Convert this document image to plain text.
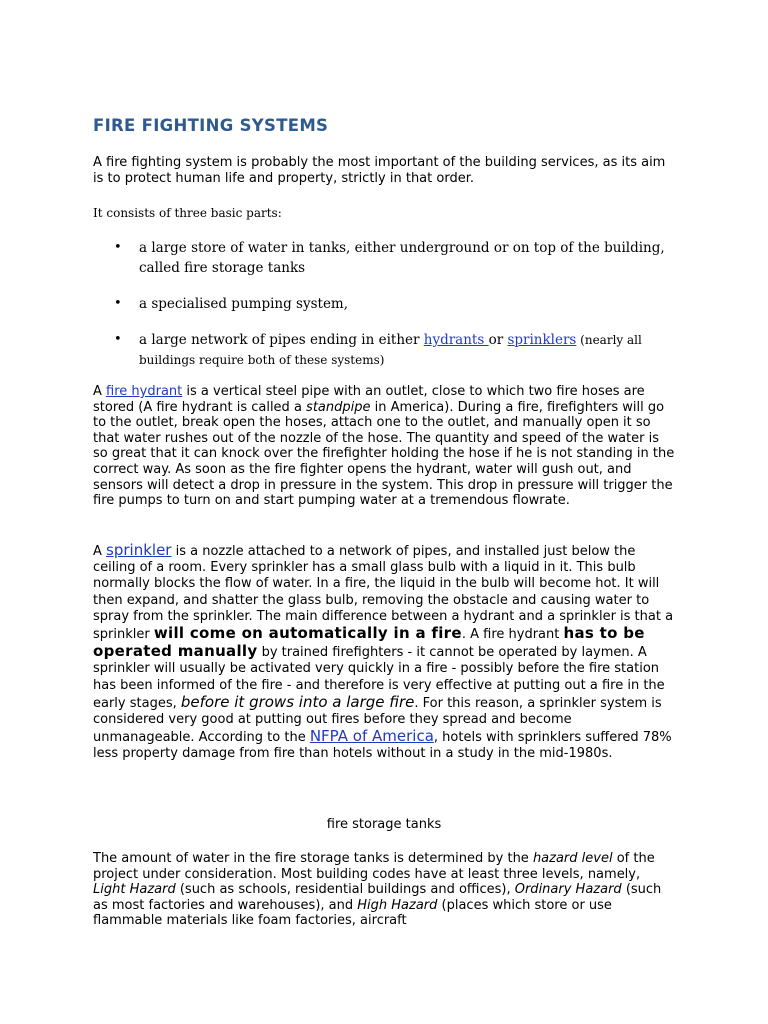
FIRE FIGHTING SYSTEMS

A fire fighting system is probably the most important of the building services, as its aim is to protect human life and property, strictly in that order.

It consists of three basic parts:

• a large store of water in tanks, either underground or on top of the building, called fire storage tanks
• a specialised pumping system,
• a large network of pipes ending in either hydrants or sprinklers (nearly all buildings require both of these systems)

A fire hydrant is a vertical steel pipe with an outlet, close to which two fire hoses are stored (A fire hydrant is called a standpipe in America). During a fire, firefighters will go to the outlet, break open the hoses, attach one to the outlet, and manually open it so that water rushes out of the nozzle of the hose. The quantity and speed of the water is so great that it can knock over the firefighter holding the hose if he is not standing in the correct way. As soon as the fire fighter opens the hydrant, water will gush out, and sensors will detect a drop in pressure in the system. This drop in pressure will trigger the fire pumps to turn on and start pumping water at a tremendous flowrate.

A sprinkler is a nozzle attached to a network of pipes, and installed just below the ceiling of a room. Every sprinkler has a small glass bulb with a liquid in it. This bulb normally blocks the flow of water. In a fire, the liquid in the bulb will become hot. It will then expand, and shatter the glass bulb, removing the obstacle and causing water to spray from the sprinkler. The main difference between a hydrant and a sprinkler is that a sprinkler will come on automatically in a fire. A fire hydrant has to be operated manually by trained firefighters - it cannot be operated by laymen. A sprinkler will usually be activated very quickly in a fire - possibly before the fire station has been informed of the fire - and therefore is very effective at putting out a fire in the early stages, before it grows into a large fire. For this reason, a sprinkler system is considered very good at putting out fires before they spread and become unmanageable. According to the NFPA of America, hotels with sprinklers suffered 78% less property damage from fire than hotels without in a study in the mid-1980s.

fire storage tanks

The amount of water in the fire storage tanks is determined by the hazard level of the project under consideration. Most building codes have at least three levels, namely, Light Hazard (such as schools, residential buildings and offices), Ordinary Hazard (such as most factories and warehouses), and High Hazard (places which store or use flammable materials like foam factories, aircraft
